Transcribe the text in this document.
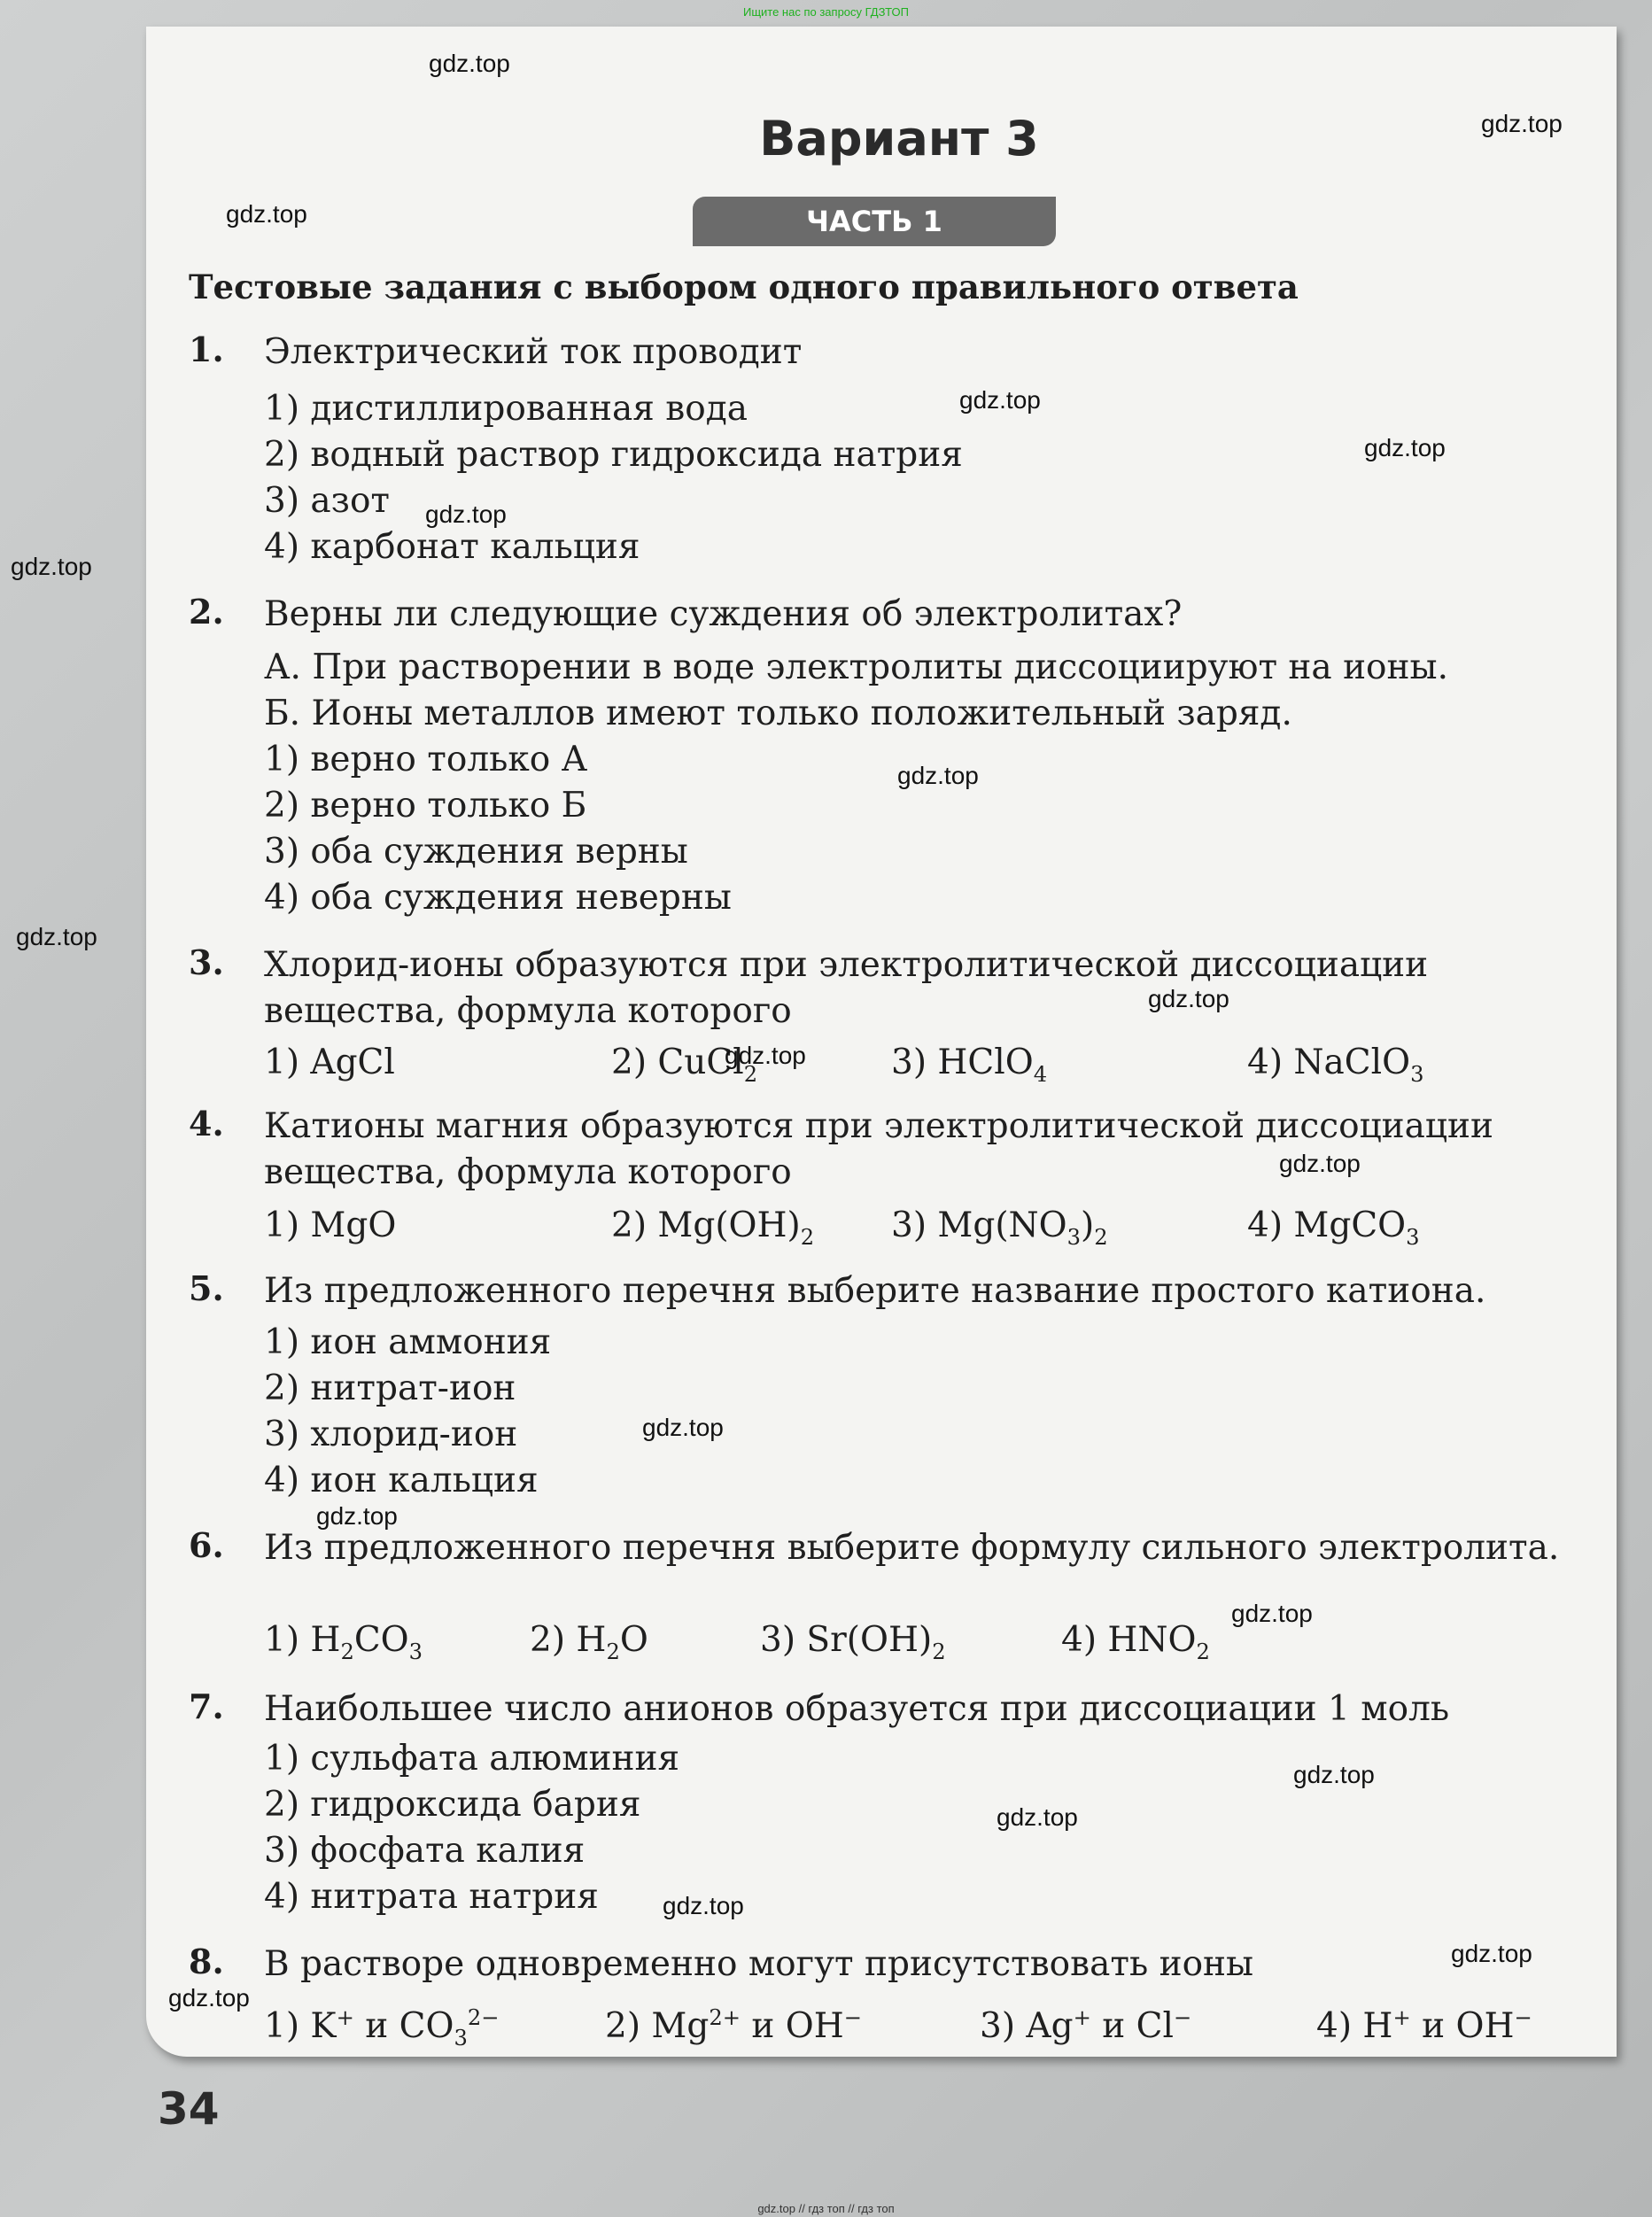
Ищите нас по запросу ГДЗТОП
Вариант 3
ЧАСТЬ 1
Тестовые задания с выбором одного правильного ответа
1. Электрический ток проводит

1) дистиллированная вода
2) водный раствор гидроксида натрия
3) азот
4) карбонат кальция
2. Верны ли следующие суждения об электролитах?

А. При растворении в воде электролиты диссоциируют на ионы.
Б. Ионы металлов имеют только положительный заряд.
1) верно только А
2) верно только Б
3) оба суждения верны
4) оба суждения неверны
3. Хлорид-ионы образуются при электролитической диссоциации вещества, формула которого

1) AgCl	2) CuCl$_2$	3) HClO$_4$	4) NaClO$_3$
4. Катионы магния образуются при электролитической диссоциации вещества, формула которого

1) MgO	2) $Mg(OH)_2$ 3) $Mg(NO_3)_2$	4) MgCO$_3$
5. Из предложенного перечня выберите название простого катиона.

1) ион аммония
2) нитрат-ион
3) хлорид-ион
4) ион кальция
6. Из предложенного перечня выберите формулу сильного электролита.

1) $H_2CO_3$	2) $H_2O$	3) $Sr(OH)_2$	4) $HNO_2$
7. Наибольшее число анионов образуется при диссоциации 1 моль

1) сульфата алюминия
2) гидроксида бария
3) фосфата калия
4) нитрата натрия
8. В растворе одновременно могут присутствовать ионы

1) K+ и $CO_3^{2-}$	2) $Mg^{2+}$ и OH−	3) Ag+ и Cl−	4) H+ и OH−
34
gdz.top
gdz.top
gdz.top
gdz.top
gdz.top
gdz.top
gdz.top
gdz.top
gdz.top
gdz.top
gdz.top
gdz.top
gdz.top
gdz.top
gdz.top
gdz.top
gdz.top
gdz.top
gdz.top
gdz.top
gdz.top // гдз топ // гдз топ
